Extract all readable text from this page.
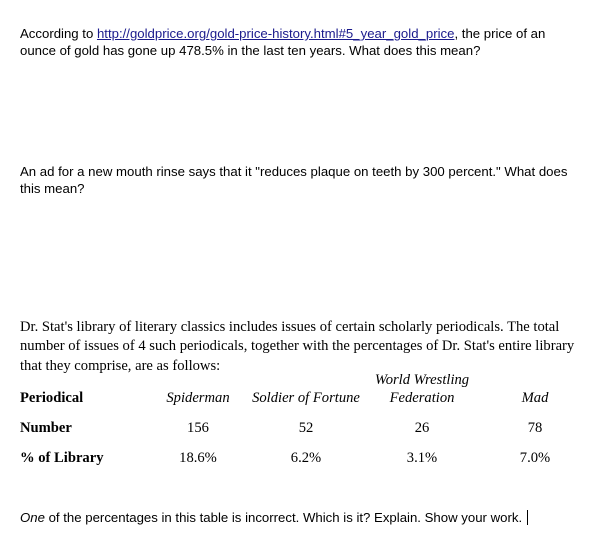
According to http://goldprice.org/gold-price-history.html#5_year_gold_price, the price of an ounce of gold has gone up 478.5% in the last ten years. What does this mean?

An ad for a new mouth rinse says that it "reduces plaque on teeth by 300 percent." What does this mean?

Dr. Stat's library of literary classics includes issues of certain scholarly periodicals. The total number of issues of 4 such periodicals, together with the percentages of Dr. Stat's entire library that they comprise, are as follows:

Periodical	Spiderman	Soldier of Fortune	World Wrestling Federation	Mad
Number	156	52	26	78
% of Library	18.6%	6.2%	3.1%	7.0%

One of the percentages in this table is incorrect. Which is it? Explain. Show your work.
